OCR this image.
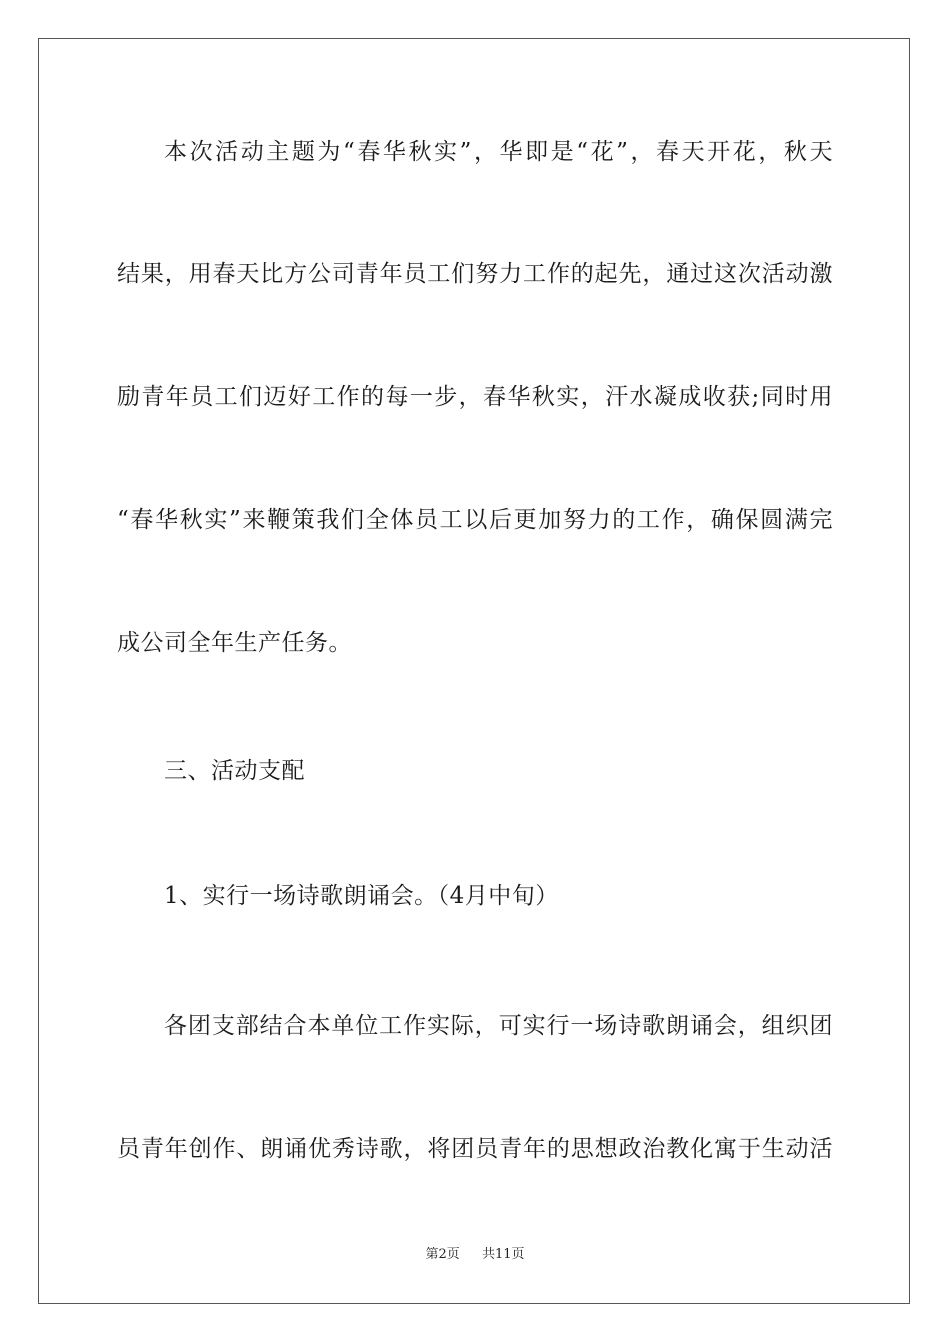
本次活动主题为“春华秋实”，华即是“花”，春天开花，秋天
结果，用春天比方公司青年员工们努力工作的起先，通过这次活动激
励青年员工们迈好工作的每一步，春华秋实，汗水凝成收获;同时用
“春华秋实”来鞭策我们全体员工以后更加努力的工作，确保圆满完
成公司全年生产任务。
三、活动支配
1、实行一场诗歌朗诵会。（4月中旬）
各团支部结合本单位工作实际，可实行一场诗歌朗诵会，组织团
员青年创作、朗诵优秀诗歌，将团员青年的思想政治教化寓于生动活
第2页 共11页
